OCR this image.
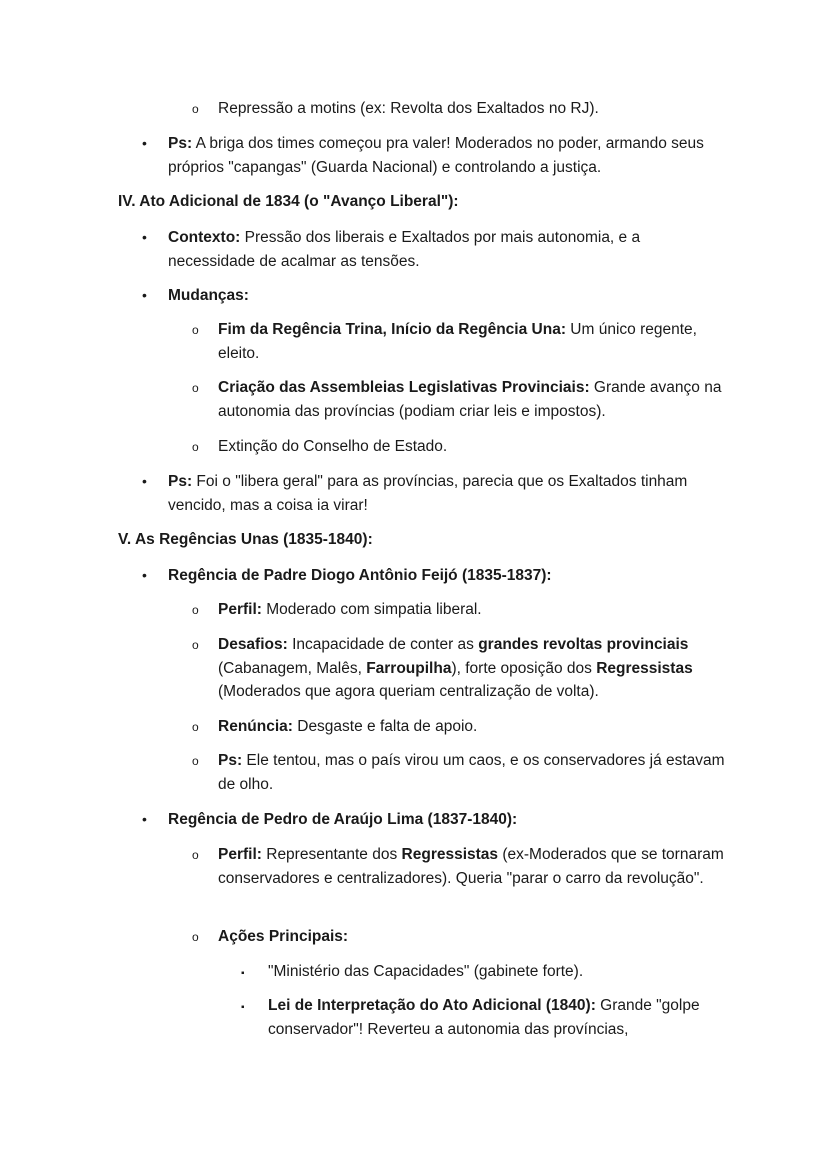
o Repressão a motins (ex: Revolta dos Exaltados no RJ).
• Ps: A briga dos times começou pra valer! Moderados no poder, armando seus próprios "capangas" (Guarda Nacional) e controlando a justiça.
IV. Ato Adicional de 1834 (o "Avanço Liberal"):
• Contexto: Pressão dos liberais e Exaltados por mais autonomia, e a necessidade de acalmar as tensões.
• Mudanças:
o Fim da Regência Trina, Início da Regência Una: Um único regente, eleito.
o Criação das Assembleias Legislativas Provinciais: Grande avanço na autonomia das províncias (podiam criar leis e impostos).
o Extinção do Conselho de Estado.
• Ps: Foi o "libera geral" para as províncias, parecia que os Exaltados tinham vencido, mas a coisa ia virar!
V. As Regências Unas (1835-1840):
• Regência de Padre Diogo Antônio Feijó (1835-1837):
o Perfil: Moderado com simpatia liberal.
o Desafios: Incapacidade de conter as grandes revoltas provinciais (Cabanagem, Malês, Farroupilha), forte oposição dos Regressistas (Moderados que agora queriam centralização de volta).
o Renúncia: Desgaste e falta de apoio.
o Ps: Ele tentou, mas o país virou um caos, e os conservadores já estavam de olho.
• Regência de Pedro de Araújo Lima (1837-1840):
o Perfil: Representante dos Regressistas (ex-Moderados que se tornaram conservadores e centralizadores). Queria "parar o carro da revolução".
o Ações Principais:
▪ "Ministério das Capacidades" (gabinete forte).
▪ Lei de Interpretação do Ato Adicional (1840): Grande "golpe conservador"! Reverteu a autonomia das províncias,
